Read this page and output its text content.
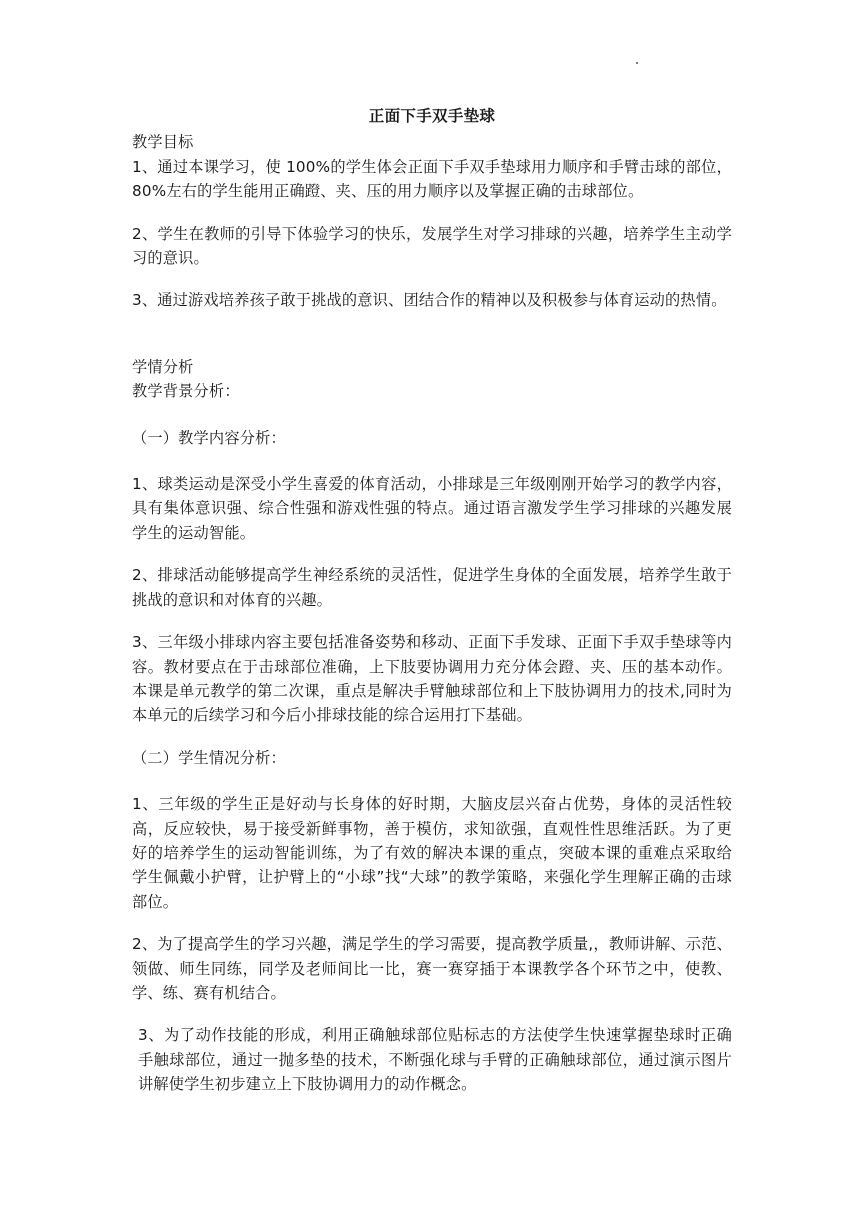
正面下手双手垫球

教学目标

1、通过本课学习，使 100%的学生体会正面下手双手垫球用力顺序和手臂击球的部位，80%左右的学生能用正确蹬、夹、压的用力顺序以及掌握正确的击球部位。

2、学生在教师的引导下体验学习的快乐，发展学生对学习排球的兴趣，培养学生主动学习的意识。

3、通过游戏培养孩子敢于挑战的意识、团结合作的精神以及积极参与体育运动的热情。

学情分析

教学背景分析：

（一）教学内容分析：

1、球类运动是深受小学生喜爱的体育活动，小排球是三年级刚刚开始学习的教学内容，具有集体意识强、综合性强和游戏性强的特点。通过语言激发学生学习排球的兴趣发展学生的运动智能。

2、排球活动能够提高学生神经系统的灵活性，促进学生身体的全面发展，培养学生敢于挑战的意识和对体育的兴趣。

3、三年级小排球内容主要包括准备姿势和移动、正面下手发球、正面下手双手垫球等内容。教材要点在于击球部位准确，上下肢要协调用力充分体会蹬、夹、压的基本动作。本课是单元教学的第二次课，重点是解决手臂触球部位和上下肢协调用力的技术,同时为本单元的后续学习和今后小排球技能的综合运用打下基础。

（二）学生情况分析：

1、三年级的学生正是好动与长身体的好时期，大脑皮层兴奋占优势，身体的灵活性较高，反应较快，易于接受新鲜事物，善于模仿，求知欲强，直观性性思维活跃。为了更好的培养学生的运动智能训练，为了有效的解决本课的重点，突破本课的重难点采取给学生佩戴小护臂，让护臂上的“小球”找“大球”的教学策略，来强化学生理解正确的击球部位。

2、为了提高学生的学习兴趣，满足学生的学习需要，提高教学质量,，教师讲解、示范、领做、师生同练，同学及老师间比一比，赛一赛穿插于本课教学各个环节之中，使教、学、练、赛有机结合。

3、为了动作技能的形成，利用正确触球部位贴标志的方法使学生快速掌握垫球时正确手触球部位，通过一抛多垫的技术，不断强化球与手臂的正确触球部位，通过演示图片讲解使学生初步建立上下肢协调用力的动作概念。
